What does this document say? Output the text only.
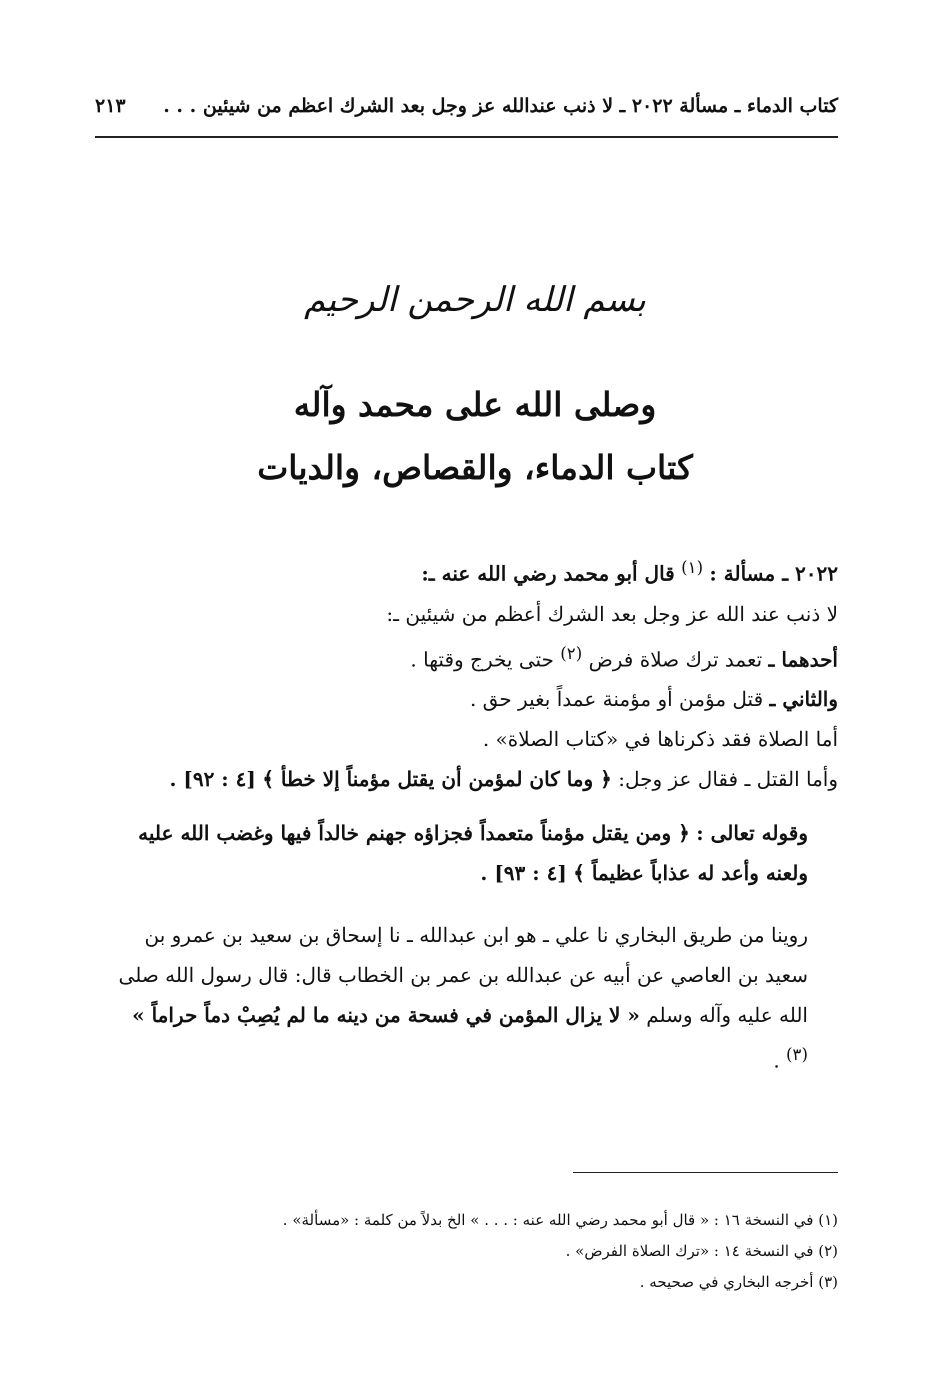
كتاب الدماء ـ مسألة ٢٠٢٢ ـ لا ذنب عندالله عز وجل بعد الشرك اعظم من شيئين . . .
٢١٣
بسم الله الرحمن الرحيم
وصلى الله على محمد وآله
كتاب الدماء، والقصاص، والديات

٢٠٢٢ ـ مسألة : $^{(١)}$ قال أبو محمد رضي الله عنه ـ:

لا ذنب عند الله عز وجل بعد الشرك أعظم من شيئين ـ:

أحدهما ـ تعمد ترك صلاة فرض $^{(٢)}$ حتى يخرج وقتها .

والثاني ـ قتل مؤمن أو مؤمنة عمداً بغير حق .

أما الصلاة فقد ذكرناها في «كتاب الصلاة» .

وأما القتل ـ فقال عز وجل: ﴿ وما كان لمؤمن أن يقتل مؤمناً إلا خطأ ﴾ [٤ : ٩٢] .

وقوله تعالى : ﴿ ومن يقتل مؤمناً متعمداً فجزاؤه جهنم خالداً فيها وغضب الله عليه ولعنه وأعد له عذاباً عظيماً ﴾ [٤ : ٩٣] .

روينا من طريق البخاري نا علي ـ هو ابن عبدالله ـ نا إسحاق بن سعيد بن عمرو بن سعيد بن العاصي عن أبيه عن عبدالله بن عمر بن الخطاب قال: قال رسول الله صلى الله عليه وآله وسلم « لا يزال المؤمن في فسحة من دينه ما لم يُصِبْ دماً حراماً » $^{(٣)}$ .

(١) في النسخة ١٦ : « قال أبو محمد رضي الله عنه : . . . » الخ بدلاً من كلمة : «مسألة» .

(٢) في النسخة ١٤ : «ترك الصلاة الفرض» .

(٣) أخرجه البخاري في صحيحه .
